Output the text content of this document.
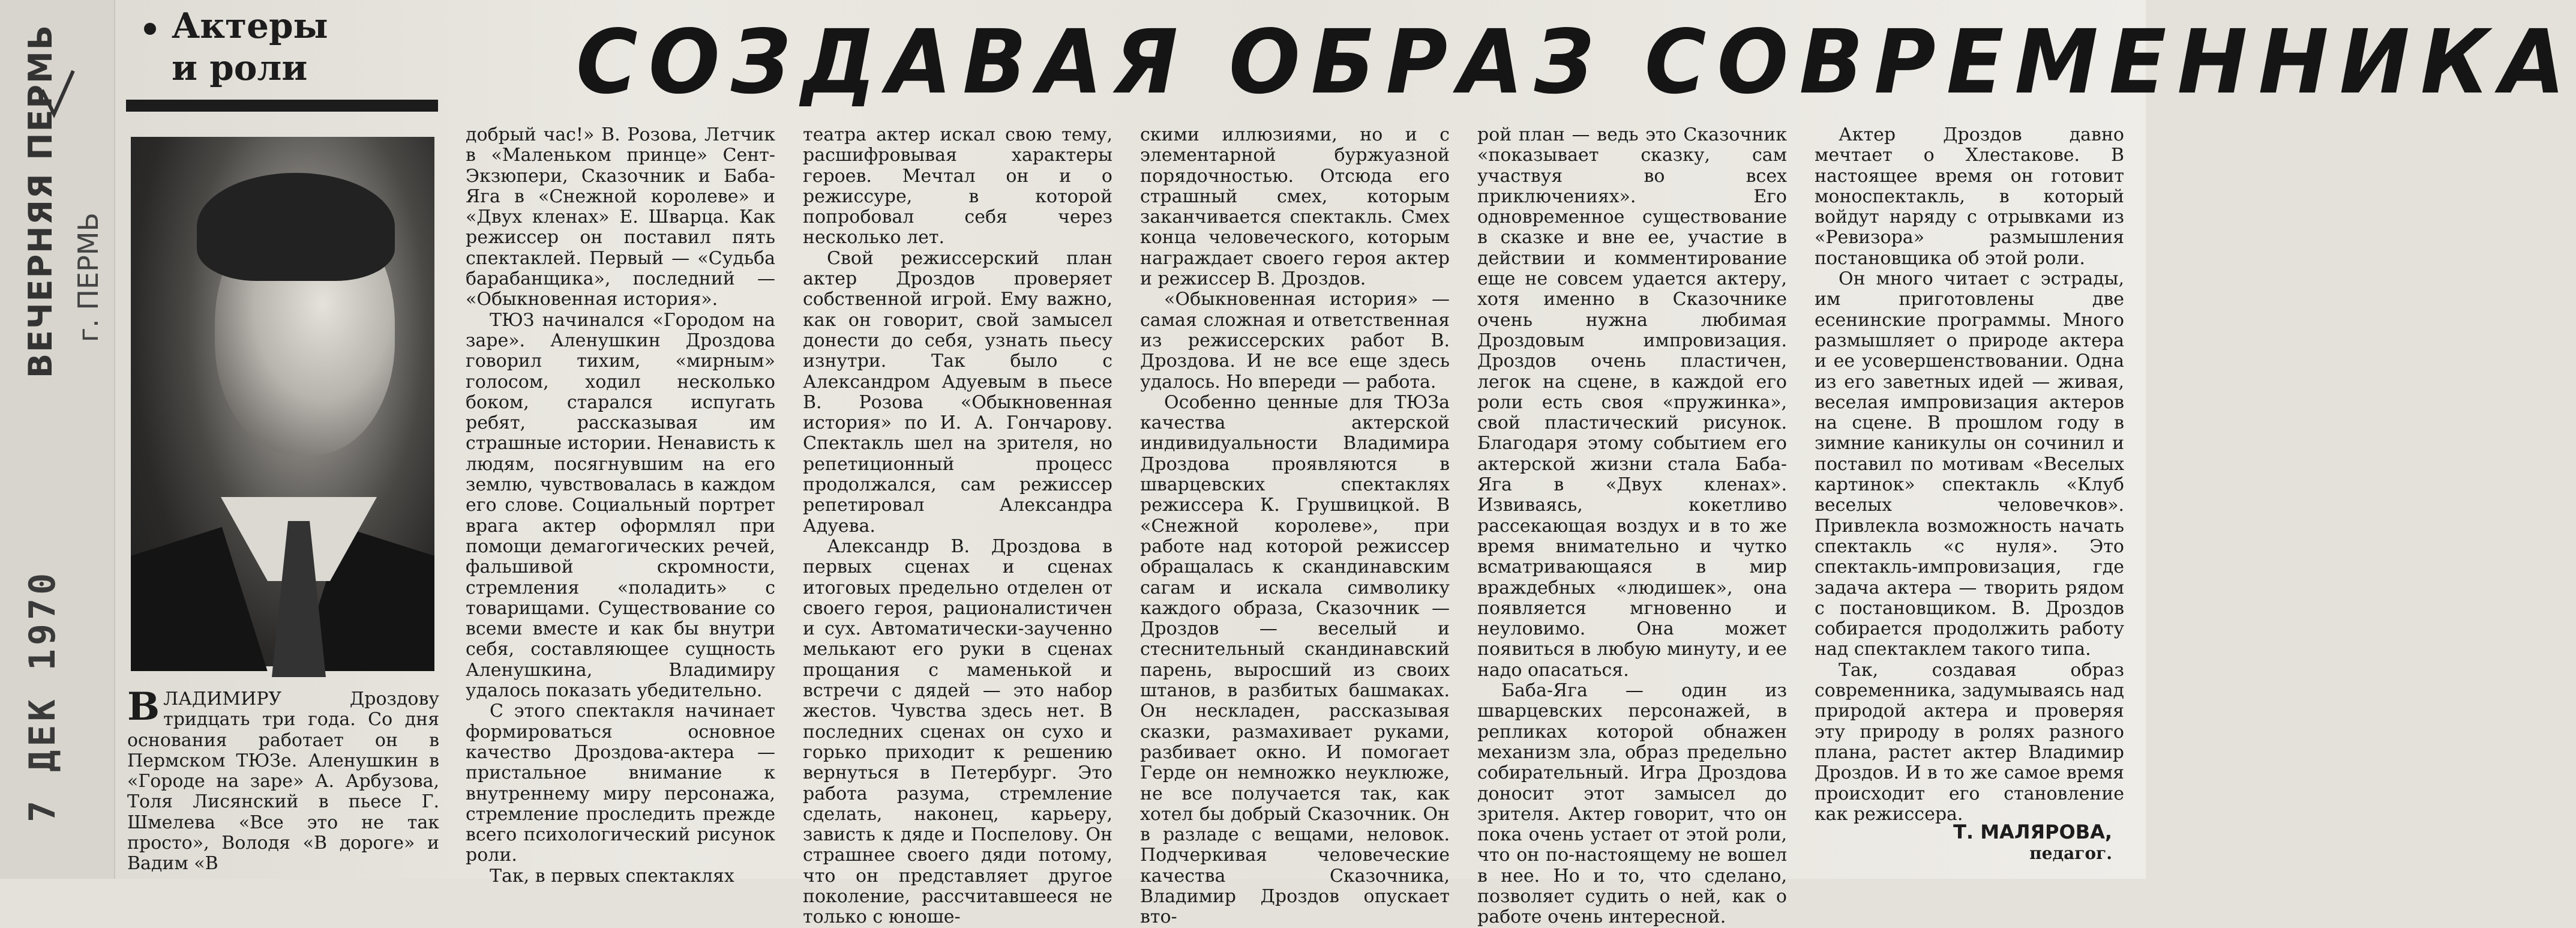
ВЕЧЕРНЯЯ ПЕРМЬ г. ПЕРМЬ
7 ДЕК 1970
Актеры
и роли	СОЗДАВАЯ ОБРАЗ СОВРЕМЕННИКА

ВЛАДИМИРУ Дроздову тридцать три года. Со дня основания работает он в Пермском ТЮЗе. Аленушкин в «Городе на заре» А. Арбузова, Толя Лисянский в пьесе Г. Шмелева «Все это не так просто», Володя «В дороге» и Вадим «В

добрый час!» В. Розова, Летчик в «Маленьком принце» Сент-Экзюпери, Сказочник и Баба-Яга в «Снежной королеве» и «Двух кленах» Е. Шварца. Как режиссер он поставил пять спектаклей. Первый — «Судьба барабанщика», последний — «Обыкновенная история».

ТЮЗ начинался «Городом на заре». Аленушкин Дроздова говорил тихим, «мирным» голосом, ходил несколько боком, старался испугать ребят, рассказывая им страшные истории. Ненависть к людям, посягнувшим на его землю, чувствовалась в каждом его слове. Социальный портрет врага актер оформлял при помощи демагогических речей, фальшивой скромности, стремления «поладить» с товарищами. Существование со всеми вместе и как бы внутри себя, составляющее сущность Аленушкина, Владимиру удалось показать убедительно.

С этого спектакля начинает формироваться основное качество Дроздова-актера — пристальное внимание к внутреннему миру персонажа, стремление проследить прежде всего психологический рисунок роли.

Так, в первых спектаклях

театра актер искал свою тему, расшифровывая характеры героев. Мечтал он и о режиссуре, в которой попробовал себя через несколько лет.

Свой режиссерский план актер Дроздов проверяет собственной игрой. Ему важно, как он говорит, свой замысел донести до себя, узнать пьесу изнутри. Так было с Александром Адуевым в пьесе В. Розова «Обыкновенная история» по И. А. Гончарову. Спектакль шел на зрителя, но репетиционный процесс продолжался, сам режиссер репетировал Александра Адуева.

Александр В. Дроздова в первых сценах и сценах итоговых предельно отделен от своего героя, рационалистичен и сух. Автоматически-заученно мелькают его руки в сценах прощания с маменькой и встречи с дядей — это набор жестов. Чувства здесь нет. В последних сценах он сухо и горько приходит к решению вернуться в Петербург. Это работа разума, стремление сделать, наконец, карьеру, зависть к дяде и Поспелову. Он страшнее своего дяди потому, что он представляет другое поколение, рассчитавшееся не только с юноше-

скими иллюзиями, но и с элементарной буржуазной порядочностью. Отсюда его страшный смех, которым заканчивается спектакль. Смех конца человеческого, которым награждает своего героя актер и режиссер В. Дроздов.

«Обыкновенная история» — самая сложная и ответственная из режиссерских работ В. Дроздова. И не все еще здесь удалось. Но впереди — работа.

Особенно ценные для ТЮЗа качества актерской индивидуальности Владимира Дроздова проявляются в шварцевских спектаклях режиссера К. Грушвицкой. В «Снежной королеве», при работе над которой режиссер обращалась к скандинавским сагам и искала символику каждого образа, Сказочник — Дроздов — веселый и стеснительный скандинавский парень, выросший из своих штанов, в разбитых башмаках. Он нескладен, рассказывая сказки, размахивает руками, разбивает окно. И помогает Герде он немножко неуклюже, не все получается так, как хотел бы добрый Сказочник. Он в разладе с вещами, неловок. Подчеркивая человеческие качества Сказочника, Владимир Дроздов опускает вто-

рой план — ведь это Сказочник «показывает сказку, сам участвуя во всех приключениях». Его одновременное существование в сказке и вне ее, участие в действии и комментирование еще не совсем удается актеру, хотя именно в Сказочнике очень нужна любимая Дроздовым импровизация. Дроздов очень пластичен, легок на сцене, в каждой его роли есть своя «пружинка», свой пластический рисунок. Благодаря этому событием его актерской жизни стала Баба-Яга в «Двух кленах». Извиваясь, кокетливо рассекающая воздух и в то же время внимательно и чутко всматривающаяся в мир враждебных «людишек», она появляется мгновенно и неуловимо. Она может появиться в любую минуту, и ее надо опасаться.

Баба-Яга — один из шварцевских персонажей, в репликах которой обнажен механизм зла, образ предельно собирательный. Игра Дроздова доносит этот замысел до зрителя. Актер говорит, что он пока очень устает от этой роли, что он по-настоящему не вошел в нее. Но и то, что сделано, позволяет судить о ней, как о работе очень интересной.

Актер Дроздов давно мечтает о Хлестакове. В настоящее время он готовит моноспектакль, в который войдут наряду с отрывками из «Ревизора» размышления постановщика об этой роли.

Он много читает с эстрады, им приготовлены две есенинские программы. Много размышляет о природе актера и ее усовершенствовании. Одна из его заветных идей — живая, веселая импровизация актеров на сцене. В прошлом году в зимние каникулы он сочинил и поставил по мотивам «Веселых картинок» спектакль «Клуб веселых человечков». Привлекла возможность начать спектакль «с нуля». Это спектакль-импровизация, где задача актера — творить рядом с постановщиком. В. Дроздов собирается продолжить работу над спектаклем такого типа.

Так, создавая образ современника, задумываясь над природой актера и проверяя эту природу в ролях разного плана, растет актер Владимир Дроздов. И в то же самое время происходит его становление как режиссера.

Т. МАЛЯРОВА,
педагог.
